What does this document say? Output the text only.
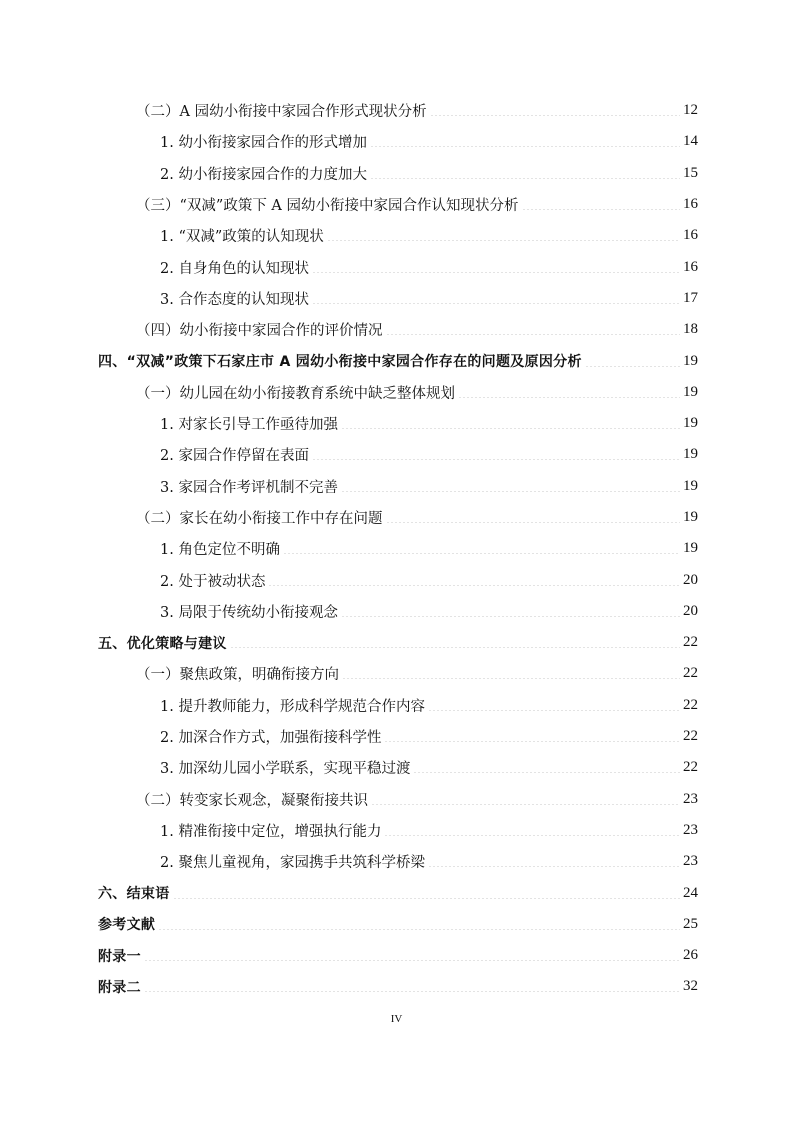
（二）A 园幼小衔接中家园合作形式现状分析	12
1. 幼小衔接家园合作的形式增加	14
2. 幼小衔接家园合作的力度加大	15
（三）“双减”政策下 A 园幼小衔接中家园合作认知现状分析	16
1. “双减”政策的认知现状	16
2. 自身角色的认知现状	16
3. 合作态度的认知现状	17
（四）幼小衔接中家园合作的评价情况	18
四、“双减”政策下石家庄市 A 园幼小衔接中家园合作存在的问题及原因分析	19
（一）幼儿园在幼小衔接教育系统中缺乏整体规划	19
1. 对家长引导工作亟待加强	19
2. 家园合作停留在表面	19
3. 家园合作考评机制不完善	19
（二）家长在幼小衔接工作中存在问题	19
1. 角色定位不明确	19
2. 处于被动状态	20
3. 局限于传统幼小衔接观念	20
五、优化策略与建议	22
（一）聚焦政策，明确衔接方向	22
1. 提升教师能力，形成科学规范合作内容	22
2. 加深合作方式，加强衔接科学性	22
3. 加深幼儿园小学联系，实现平稳过渡	22
（二）转变家长观念，凝聚衔接共识	23
1. 精准衔接中定位，增强执行能力	23
2. 聚焦儿童视角，家园携手共筑科学桥梁	23
六、结束语	24
参考文献	25
附录一	26
附录二	32
IV
